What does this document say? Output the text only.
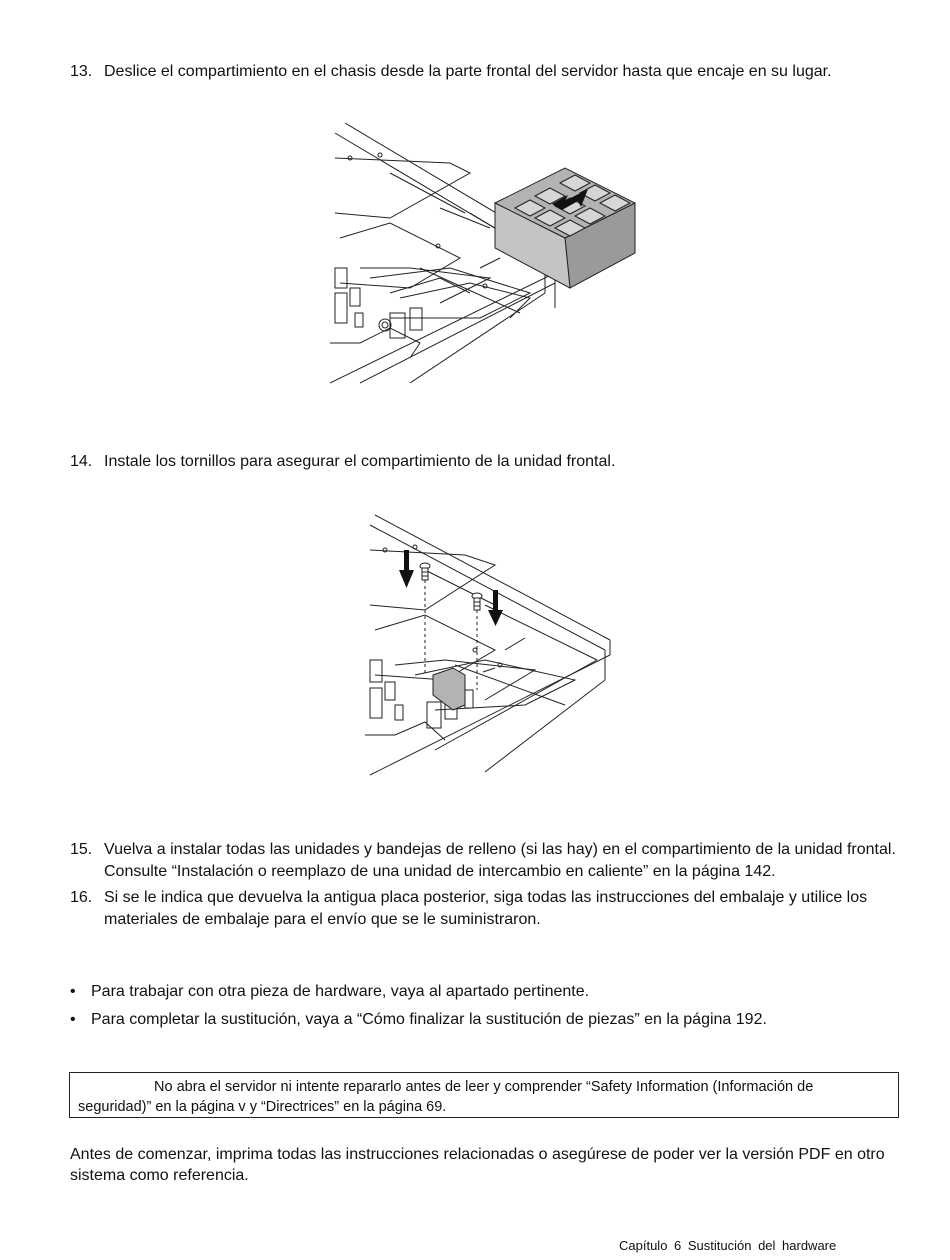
13. Deslice el compartimiento en el chasis desde la parte frontal del servidor hasta que encaje en su lugar.
14. Instale los tornillos para asegurar el compartimiento de la unidad frontal.
15. Vuelva a instalar todas las unidades y bandejas de relleno (si las hay) en el compartimiento de la unidad frontal. Consulte “Instalación o reemplazo de una unidad de intercambio en caliente” en la página 142.
16. Si se le indica que devuelva la antigua placa posterior, siga todas las instrucciones del embalaje y utilice los materiales de embalaje para el envío que se le suministraron.
• Para trabajar con otra pieza de hardware, vaya al apartado pertinente.
• Para completar la sustitución, vaya a “Cómo finalizar la sustitución de piezas” en la página 192.
No abra el servidor ni intente repararlo antes de leer y comprender “Safety Information (Información de seguridad)” en la página v y “Directrices” en la página 69.
Antes de comenzar, imprima todas las instrucciones relacionadas o asegúrese de poder ver la versión PDF en otro sistema como referencia.
Capítulo 6 Sustitución del hardware
